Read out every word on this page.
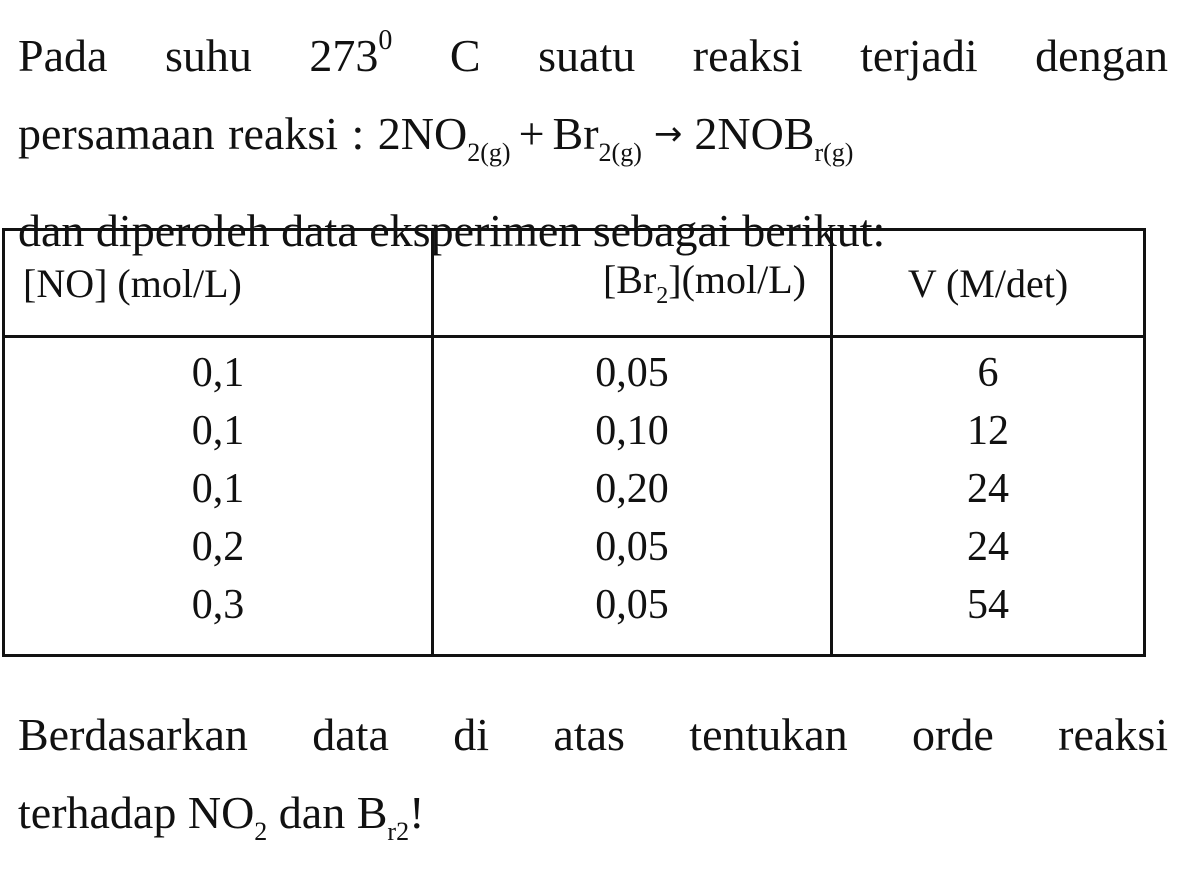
Pada suhu $273^0$ C suatu reaksi terjadi dengan

persamaan reaksi : $2NO_{2(g)} + Br_{2(g)} \to 2NOB_{r(g)}$

dan diperoleh data eksperimen sebagai berikut:

[NO] (mol/L)	$[Br_2](mol/L)$	V (M/det)
0,1	0,05	6
0,1	0,10	12
0,1	0,20	24
0,2	0,05	24
0,3	0,05	54

Berdasarkan data di atas tentukan orde reaksi

terhadap $NO_2$ dan $B_{r2}$!
